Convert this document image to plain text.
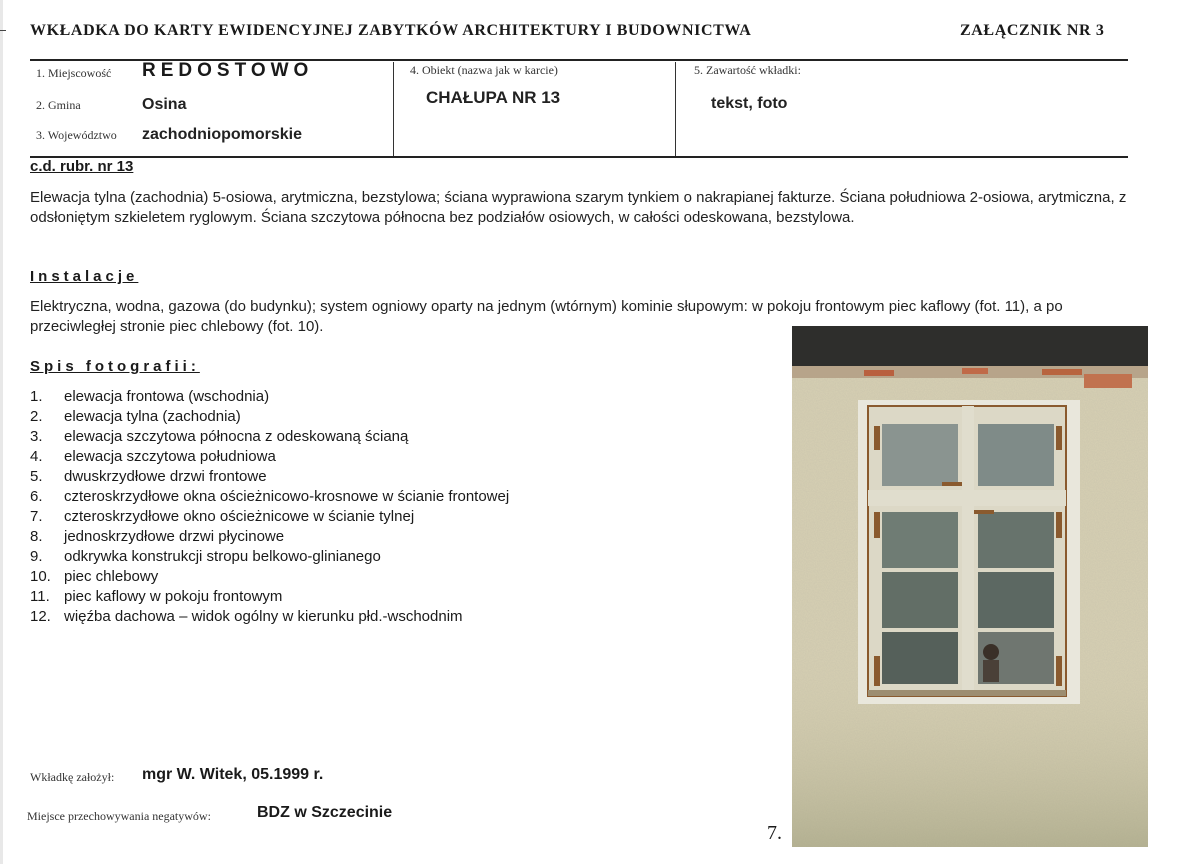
WKŁADKA DO KARTY EWIDENCYJNEJ ZABYTKÓW ARCHITEKTURY I BUDOWNICTWA	ZAŁĄCZNIK NR 3
1. Miejscowość REDOSTOWO
2. Gmina	Osina
3. Województwo zachodniopomorskie
4. Obiekt (nazwa jak w karcie)
CHAŁUPA NR 13
5. Zawartość wkładki:
tekst, foto
c.d. rubr. nr 13
Elewacja tylna (zachodnia) 5-osiowa, arytmiczna, bezstylowa; ściana wyprawiona szarym tynkiem o nakrapianej fakturze. Ściana południowa 2-osiowa, arytmiczna, z odsłoniętym szkieletem ryglowym. Ściana szczytowa północna bez podziałów osiowych, w całości odeskowana, bezstylowa.
Instalacje
Elektryczna, wodna, gazowa (do budynku); system ogniowy oparty na jednym (wtórnym) kominie słupowym: w pokoju frontowym piec kaflowy (fot. 11), a po przeciwległej stronie piec chlebowy (fot. 10).
Spis fotografii:
1.	elewacja frontowa (wschodnia)
2.	elewacja tylna (zachodnia)
3.	elewacja szczytowa północna z odeskowaną ścianą
4.	elewacja szczytowa południowa
5.	dwuskrzydłowe drzwi frontowe
6.	czteroskrzydłowe okna ościeżnicowo-krosnowe w ścianie frontowej
7.	czteroskrzydłowe okno ościeżnicowe w ścianie tylnej
8.	jednoskrzydłowe drzwi płycinowe
9.	odkrywka konstrukcji stropu belkowo-glinianego
10. piec chlebowy
11. piec kaflowy w pokoju frontowym
12. więźba dachowa – widok ogólny w kierunku płd.-wschodnim
Wkładkę założył: mgr W. Witek, 05.1999 r.
Miejsce przechowywania negatywów:	BDZ w Szczecinie
7.
